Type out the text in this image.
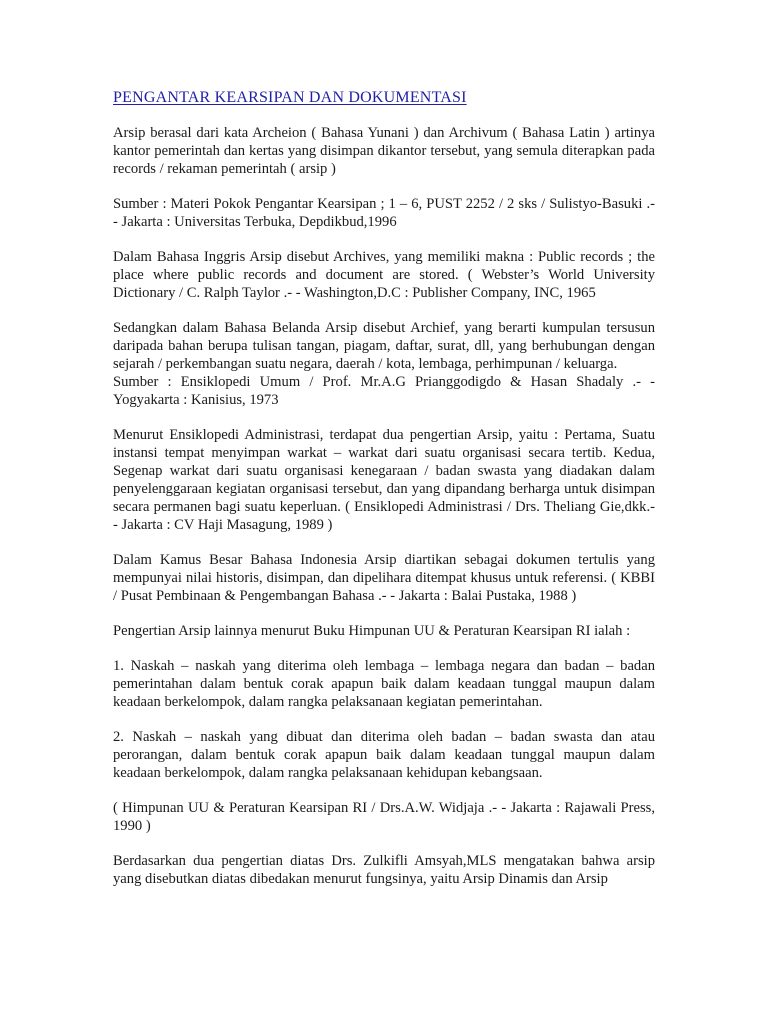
PENGANTAR KEARSIPAN DAN DOKUMENTASI

Arsip berasal dari kata Archeion ( Bahasa Yunani ) dan Archivum ( Bahasa Latin ) artinya kantor pemerintah dan kertas yang disimpan dikantor tersebut, yang semula diterapkan pada records / rekaman pemerintah ( arsip )

Sumber : Materi Pokok Pengantar Kearsipan ; 1 – 6, PUST 2252 / 2 sks / Sulistyo-Basuki .- - Jakarta : Universitas Terbuka, Depdikbud,1996

Dalam Bahasa Inggris Arsip disebut Archives, yang memiliki makna : Public records ; the place where public records and document are stored. ( Webster’s World University Dictionary / C. Ralph Taylor .- - Washington,D.C : Publisher Company, INC, 1965

Sedangkan dalam Bahasa Belanda Arsip disebut Archief, yang berarti kumpulan tersusun daripada bahan berupa tulisan tangan, piagam, daftar, surat, dll, yang berhubungan dengan sejarah / perkembangan suatu negara, daerah / kota, lembaga, perhimpunan / keluarga.

Sumber : Ensiklopedi Umum / Prof. Mr.A.G Prianggodigdo & Hasan Shadaly .- - Yogyakarta : Kanisius, 1973

Menurut Ensiklopedi Administrasi, terdapat dua pengertian Arsip, yaitu : Pertama, Suatu instansi tempat menyimpan warkat – warkat dari suatu organisasi secara tertib. Kedua, Segenap warkat dari suatu organisasi kenegaraan / badan swasta yang diadakan dalam penyelenggaraan kegiatan organisasi tersebut, dan yang dipandang berharga untuk disimpan secara permanen bagi suatu keperluan. ( Ensiklopedi Administrasi / Drs. Theliang Gie,dkk.- - Jakarta : CV Haji Masagung, 1989 )

Dalam Kamus Besar Bahasa Indonesia Arsip diartikan sebagai dokumen tertulis yang mempunyai nilai historis, disimpan, dan dipelihara ditempat khusus untuk referensi. ( KBBI / Pusat Pembinaan & Pengembangan Bahasa .- - Jakarta : Balai Pustaka, 1988 )

Pengertian Arsip lainnya menurut Buku Himpunan UU & Peraturan Kearsipan RI ialah :

1. Naskah – naskah yang diterima oleh lembaga – lembaga negara dan badan – badan pemerintahan dalam bentuk corak apapun baik dalam keadaan tunggal maupun dalam keadaan berkelompok, dalam rangka pelaksanaan kegiatan pemerintahan.

2. Naskah – naskah yang dibuat dan diterima oleh badan – badan swasta dan atau perorangan, dalam bentuk corak apapun baik dalam keadaan tunggal maupun dalam keadaan berkelompok, dalam rangka pelaksanaan kehidupan kebangsaan.

( Himpunan UU & Peraturan Kearsipan RI / Drs.A.W. Widjaja .- - Jakarta : Rajawali Press, 1990 )

Berdasarkan dua pengertian diatas Drs. Zulkifli Amsyah,MLS mengatakan bahwa arsip yang disebutkan diatas dibedakan menurut fungsinya, yaitu Arsip Dinamis dan Arsip
